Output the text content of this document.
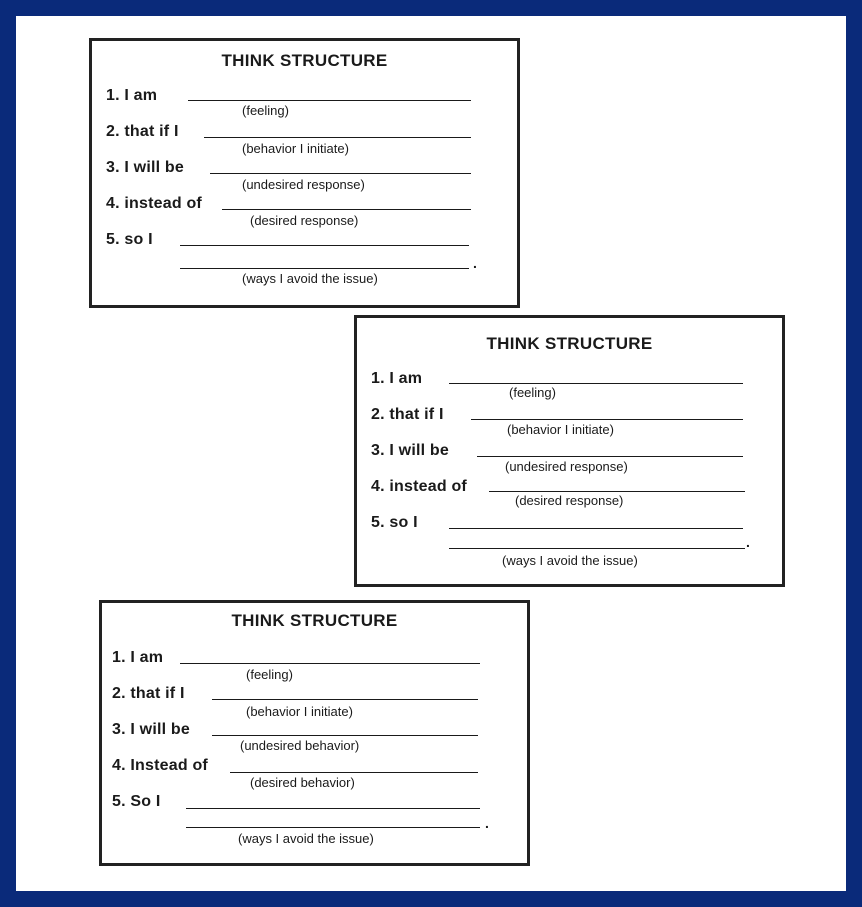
THINK STRUCTURE
1. I am
(feeling)
2. that if I
(behavior I initiate)
3. I will be
(undesired response)
4. instead of
(desired response)
5. so I
.
(ways I avoid the issue)
THINK STRUCTURE
1. I am
(feeling)
2. that if I
(behavior I initiate)
3. I will be
(undesired response)
4. instead of
(desired response)
5. so I
.
(ways I avoid the issue)
THINK STRUCTURE
1. I am
(feeling)
2. that if I
(behavior I initiate)
3. I will be
(undesired behavior)
4. Instead of
(desired behavior)
5. So I
.
(ways I avoid the issue)
